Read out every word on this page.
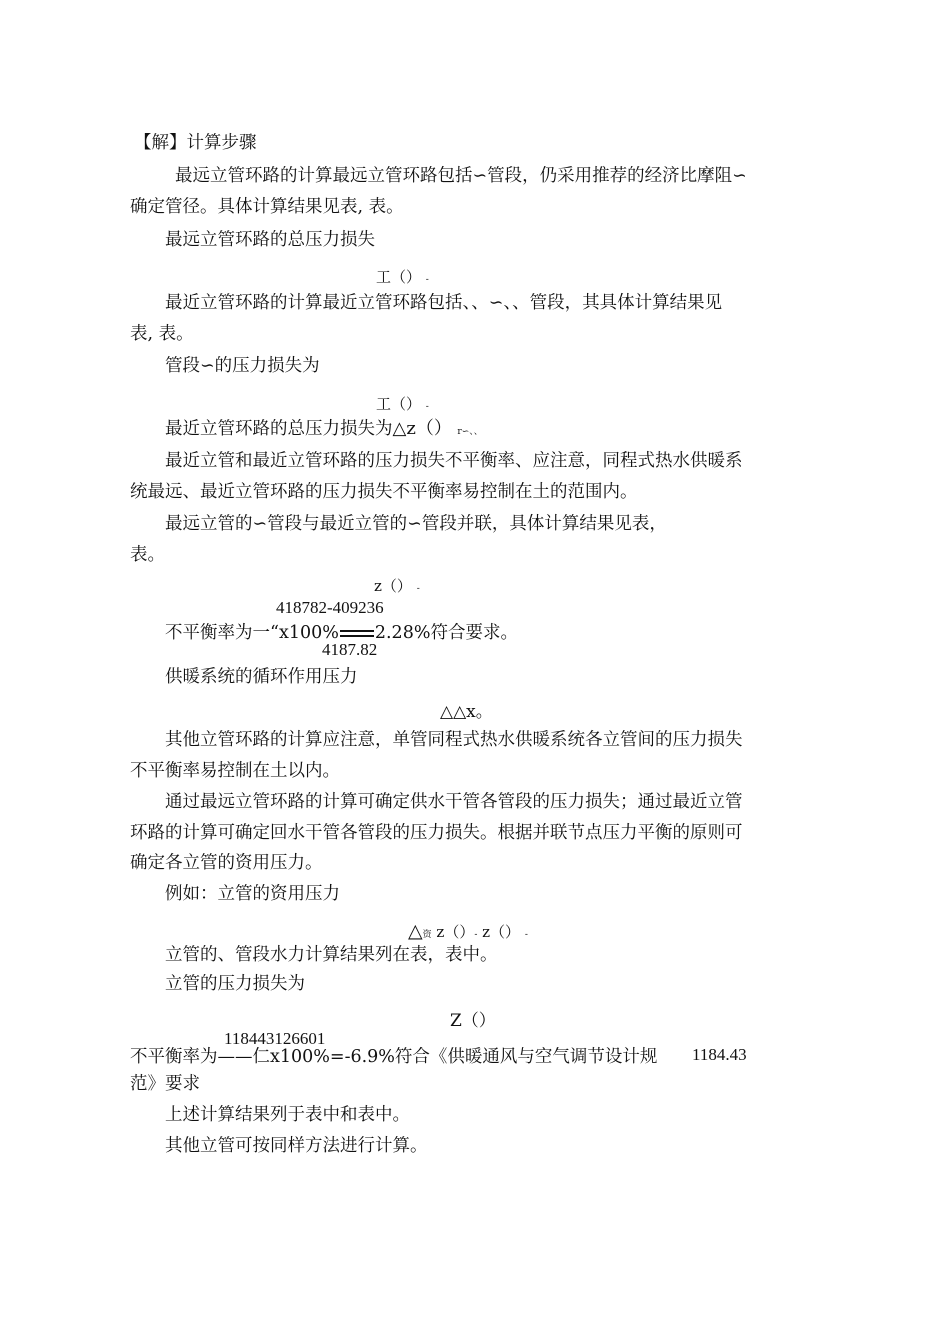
【解】计算步骤
最远立管环路的计算最远立管环路包括∽管段，仍采用推荐的经济比摩阻∽
确定管径。具体计算结果见表, 表。
最远立管环路的总压力损失
工（） -
最近立管环路的计算最近立管环路包括、、∽、、管段，其具体计算结果见
表, 表。
管段∽的压力损失为
工（） -
最近立管环路的总压力损失为△z（） r∽、、
最近立管和最近立管环路的压力损失不平衡率、应注意，同程式热水供暖系
统最远、最近立管环路的压力损失不平衡率易控制在土的范围内。
最远立管的∽管段与最近立管的∽管段并联，具体计算结果见表，
表。
z（） -
418782-409236
不平衡率为一“x100% 2.28%符合要求。
4187.82
供暖系统的循环作用压力
△△x。
其他立管环路的计算应注意，单管同程式热水供暖系统各立管间的压力损失
不平衡率易控制在土以内。
通过最远立管环路的计算可确定供水干管各管段的压力损失；通过最近立管
环路的计算可确定回水干管各管段的压力损失。根据并联节点压力平衡的原则可
确定各立管的资用压力。
例如：立管的资用压力
△资 z（）- z（） -
立管的、管段水力计算结果列在表，表中。
立管的压力损失为
Z（）
118443126601
不平衡率为——仁x100%=-6.9%符合《供暖通风与空气调节设计规 1184.43
范》要求
上述计算结果列于表中和表中。
其他立管可按同样方法进行计算。
